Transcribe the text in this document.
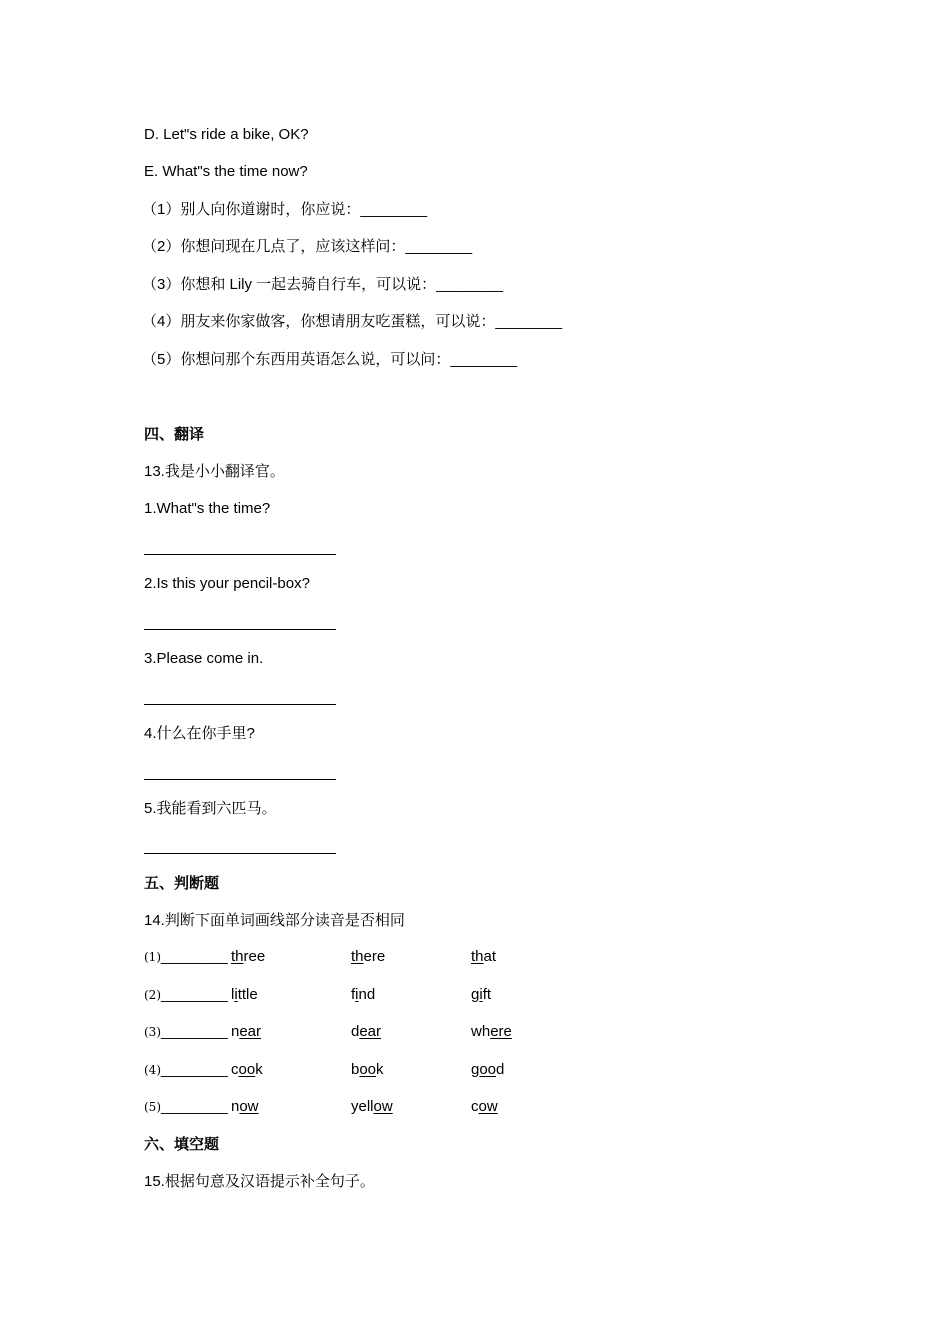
D. Let"s ride a bike, OK?
E. What"s the time now?
（1）别人向你道谢时，你应说：________
（2）你想问现在几点了，应该这样问：________
（3）你想和 Lily 一起去骑自行车，可以说：________
（4）朋友来你家做客，你想请朋友吃蛋糕，可以说：________
（5）你想问那个东西用英语怎么说，可以问：________
四、翻译
13.我是小小翻译官。
1.What"s the time?
2.Is this your pencil-box?
3.Please come in.
4.什么在你手里?
5.我能看到六匹马。
五、判断题
14.判断下面单词画线部分读音是否相同
(1)________ three	there	that
(2)________ little	find	gift
(3)________ near	dear	where
(4)________ cook	book	good
(5)________ now	yellow	cow
六、填空题
15.根据句意及汉语提示补全句子。
